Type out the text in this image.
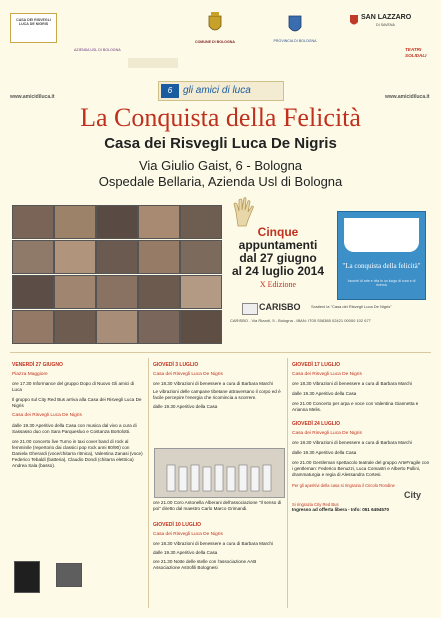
CASA DEI RISVEGLI
LUCA DE NIGRIS
AZIENDA USL DI BOLOGNA
COMUNE DI BOLOGNA	PROVINCIA DI BOLOGNA
SAN LAZZARO
DI SAVENA
TEATRI
SOLIDALI
www.amicidiluca.it	www.amicidiluca.it
6	gli amici di luca
La Conquista della Felicità
Casa dei Risvegli Luca De Nigris
Via Giulio Gaist, 6 - Bologna
Ospedale Bellaria, Azienda Usl di Bologna
Cinque
appuntamenti
dal 27 giugno
al 24 luglio 2014
X Edizione
"La conquista della felicità"
Incontri di arte e vita in un luogo di cura e di ricerca
CARISBO	Sostieni la "Casa dei Risvegli Luca De Nigris"
CARISBO - Via Rizzoli, 5 - Bologna - IBAN: IT05 S06385 02421 00000 102 677
VENERDÌ 27 GIUGNO
Piazza Maggiore
ore 17.30 Informance del gruppo Dopo di Nuovo Gli amici di Luca
Il gruppo sul City Red Bus arriva alla Casa dei Risvegli Luca De Nigris
Casa dei Risvegli Luca De Nigris
dalle 19.30 Aperitivo della Casa con musica dal vivo a cura di Sassasso duo con Sara Parquesluo e Costanza Bortolotti.
ore 21.00 concerto live Turno in taxi cover band di rock al femminile (repertorio dai classici pop rock anni 80/90) con Daniela Gherardi (voce/chitarra ritmica), Valentina Zanasi (voce) Federico Tebaldi (batteria), Claudio Dondi (chitarra elettrica) Andrea Sala (basso).
GIOVEDÌ 3 LUGLIO
Casa dei Risvegli Luca De Nigris
ore 18.30 Vibrazioni di benessere a cura di Barbara Marchi
Le vibrazioni delle campane tibetane attraversano il corpo ed è facile percepire l'energia che ricomincia a scorrere.
dalle 19.30 Aperitivo della Casa
ore 21.00 Coro Antonella Alberani dell'associazione "Il senso di poi" diretto dal maestro Carlo Marco Grimandi.
GIOVEDÌ 10 LUGLIO
Casa dei Risvegli Luca De Nigris
ore 18.30 Vibrazioni di benessere a cura di Barbara Marchi
dalle 19.30 Aperitivo della Casa
ore 21.30 Notte delle stelle con l'associazione AAB Associazione Astrofili Bolognesi
GIOVEDÌ 17 LUGLIO
Casa dei Risvegli Luca De Nigris
ore 18.30 Vibrazioni di benessere a cura di Barbara Marchi
dalle 19.30 Aperitivo della Casa
ore 21.00 Concerto per arpa e voce con Valentina Giannetta e Arianna Melis.
GIOVEDÌ 24 LUGLIO
Casa dei Risvegli Luca De Nigris
ore 18.30 Vibrazioni di benessere a cura di Barbara Marchi
dalle 19.30 Aperitivo della Casa
ore 21.00 Gentleman spettacolo teatrale del gruppo ArteFragile con i gentleman: Federico Benuzzi, Luca Comastri e Alberto Pullini, drammaturgia e regia di Alessandra Cortesi.
Per gli aperitivi della casa si ringrazia il Circolo Rondine
Si ringrazia City Red Bus
City
Ingresso ad offerta libera - Info: 051 6494570
